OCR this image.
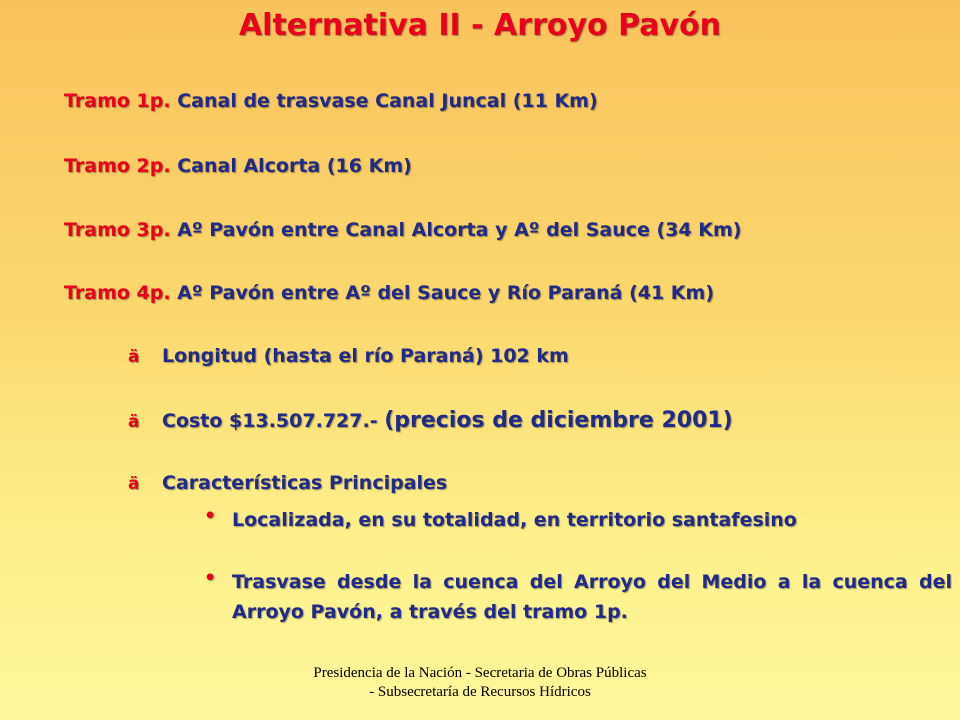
Alternativa II - Arroyo Pavón
Tramo 1p. Canal de trasvase Canal Juncal (11 Km)
Tramo 2p. Canal Alcorta (16 Km)
Tramo 3p. Aº Pavón entre Canal Alcorta y Aº del Sauce (34 Km)
Tramo 4p. Aº Pavón entre Aº del Sauce y Río Paraná (41 Km)
ä Longitud (hasta el río Paraná) 102 km
ä Costo $13.507.727.- (precios de diciembre 2001)
ä Características Principales
• Localizada, en su totalidad, en territorio santafesino
• Trasvase desde la cuenca del Arroyo del Medio a la cuenca del Arroyo Pavón, a través del tramo 1p.
Presidencia de la Nación - Secretaria de Obras Públicas - Subsecretaría de Recursos Hídricos
